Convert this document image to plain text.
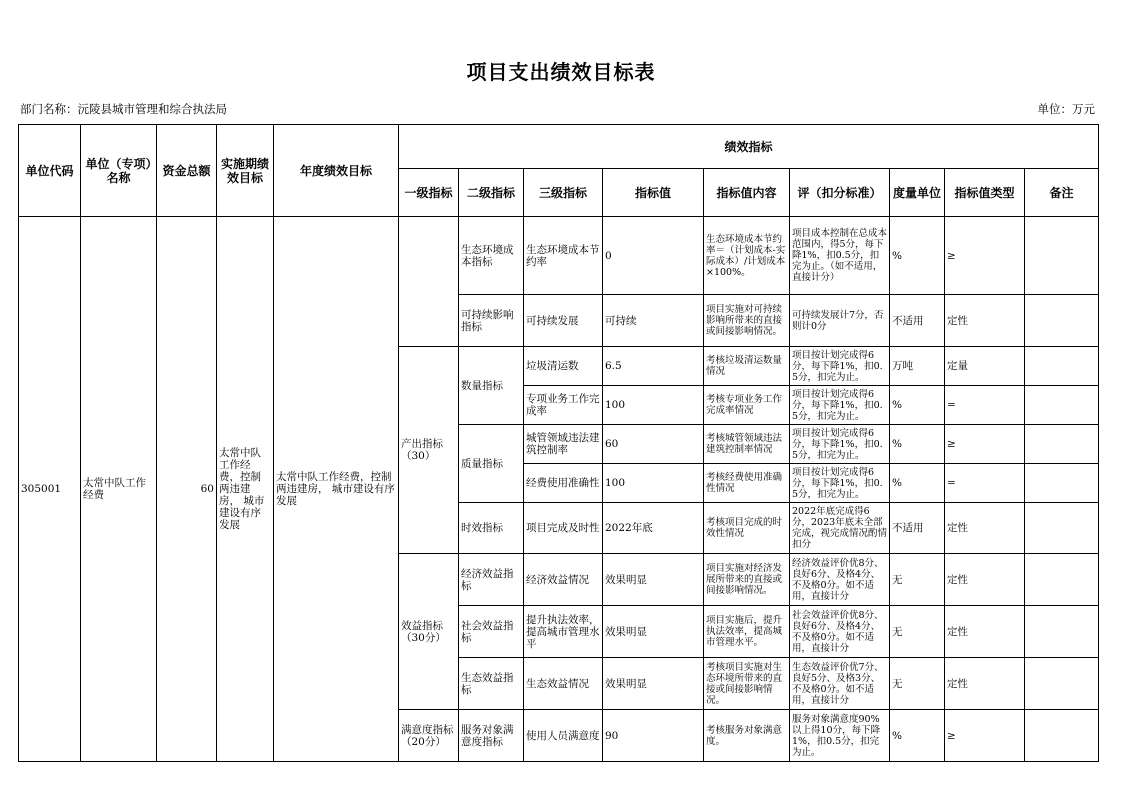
项目支出绩效目标表
部门名称：沅陵县城市管理和综合执法局	单位：万元
单位代码	单位（专项）名称	资金总额	实施期绩效目标	年度绩效目标	绩效指标								
					一级指标	二级指标	三级指标	指标值	指标值内容	评（扣分标准）	度量单位	指标值类型	备注
305001	太常中队工作经费	60	太常中队工作经费，控制两违建房， 城市建设有序发展	太常中队工作经费，控制两违建房， 城市建设有序发展		生态环境成本指标	生态环境成本节约率	0	生态环境成本节约率＝（计划成本-实际成本）/计划成本×100%。	项目成本控制在总成本范围内，得5分，每下降1%，扣0.5分，扣完为止。（如不适用，直接计分）	%	≥	
						可持续影响指标	可持续发展	可持续	项目实施对可持续影响所带来的直接或间接影响情况。	可持续发展计7分，否则计0分	不适用	定性	
					产出指标（30）	数量指标	垃圾清运数	6.5	考核垃圾清运数量情况	项目按计划完成得6分，每下降1%，扣0.5分，扣完为止。	万吨	定量	
							专项业务工作完成率	100	考核专项业务工作完成率情况	项目按计划完成得6分，每下降1%，扣0.5分，扣完为止。	%	=	
						质量指标	城管领域违法建筑控制率	60	考核城管领域违法建筑控制率情况	项目按计划完成得6分，每下降1%，扣0.5分，扣完为止。	%	≥	
							经费使用准确性	100	考核经费使用准确性情况	项目按计划完成得6分，每下降1%，扣0.5分，扣完为止。	%	=	
						时效指标	项目完成及时性	2022年底	考核项目完成的时效性情况	2022年底完成得6分，2023年底未全部完成，视完成情况酌情扣分	不适用	定性	
					效益指标（30分）	经济效益指标	经济效益情况	效果明显	项目实施对经济发展所带来的直接或间接影响情况。	经济效益评价优8分、良好6分、及格4分、不及格0分。如不适用，直接计分	无	定性	
						社会效益指标	提升执法效率，提高城市管理水平	效果明显	项目实施后，提升执法效率，提高城市管理水平。	社会效益评价优8分、良好6分、及格4分、不及格0分。如不适用，直接计分	无	定性	
						生态效益指标	生态效益情况	效果明显	考核项目实施对生态环境所带来的直接或间接影响情况。	生态效益评价优7分、良好5分、及格3分、不及格0分。如不适用，直接计分	无	定性	
					满意度指标（20分）	服务对象满意度指标	使用人员满意度	90	考核服务对象满意度。	服务对象满意度90%以上得10分，每下降1%，扣0.5分，扣完为止。	%	≥	
